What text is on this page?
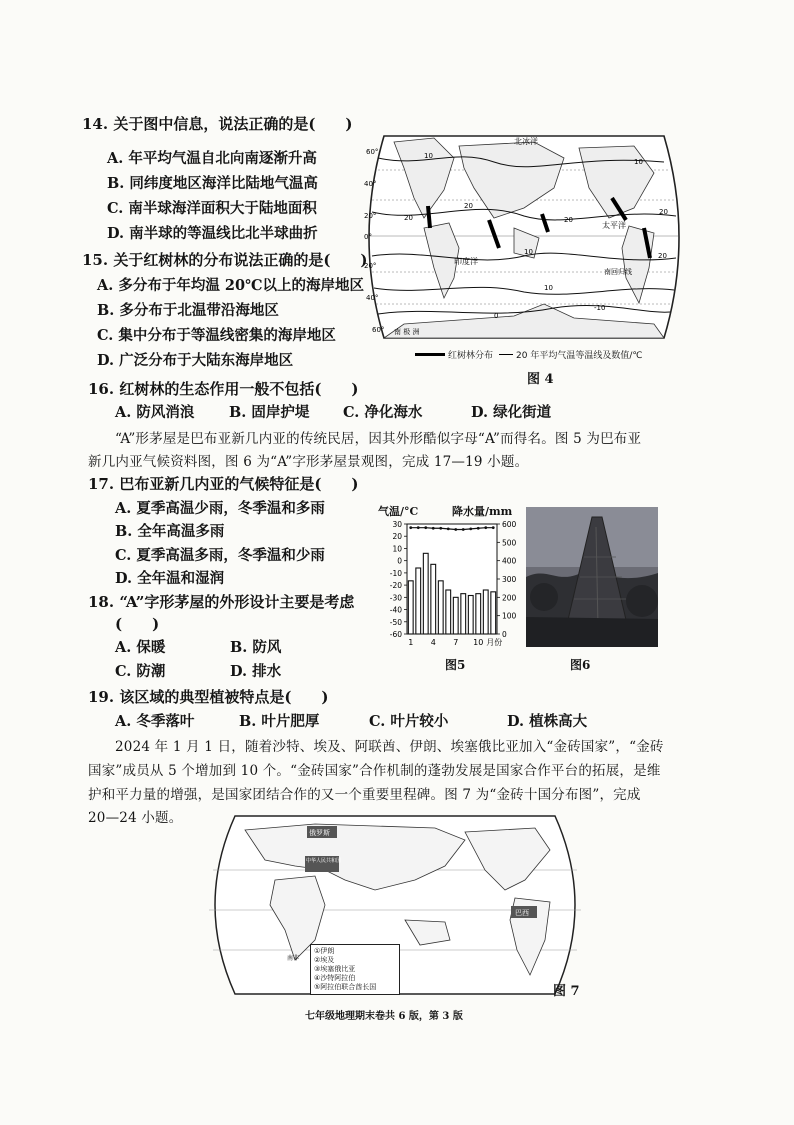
14. 关于图中信息，说法正确的是(　　)
A. 年平均气温自北向南逐渐升高
B. 同纬度地区海洋比陆地气温高
C. 南半球海洋面积大于陆地面积
D. 南半球的等温线比北半球曲折
15. 关于红树林的分布说法正确的是(　　)
A. 多分布于年均温 20℃以上的海岸地区
B. 多分布于北温带沿海地区
C. 集中分布于等温线密集的海岸地区
D. 广泛分布于大陆东海岸地区
北冰洋
太平洋
印度洋
南回归线
南 极 洲
10
20
20
20
10
0
-10
10
20
20
10
60°
40°
20°
0°
20°
40°
60°
红树林分布	20 年平均气温等温线及数值/℃
图 4
16. 红树林的生态作用一般不包括(　　)
A. 防风消浪	B. 固岸护堤	C. 净化海水	D. 绿化街道
“A”形茅屋是巴布亚新几内亚的传统民居，因其外形酷似字母“A”而得名。图 5 为巴布亚
新几内亚气候资料图，图 6 为“A”字形茅屋景观图，完成 17—19 小题。
17. 巴布亚新几内亚的气候特征是(　　)
A. 夏季高温少雨，冬季温和多雨
B. 全年高温多雨
C. 夏季高温多雨，冬季温和少雨
D. 全年温和湿润
18. “A”字形茅屋的外形设计主要是考虑
(　　)
A. 保暖	B. 防风
C. 防潮	D. 排水
气温/°C	降水量/mm
30
20
10
0
-10
-20
-30
-40
-50
-60
600
500
400
300
200
100
0
1 4 7 10 月份
图5	图6
19. 该区域的典型植被特点是(　　)
A. 冬季落叶	B. 叶片肥厚	C. 叶片较小	D. 植株高大
2024 年 1 月 1 日，随着沙特、埃及、阿联酋、伊朗、埃塞俄比亚加入“金砖国家”，“金砖
国家”成员从 5 个增加到 10 个。“金砖国家”合作机制的蓬勃发展是国家合作平台的拓展，是维
护和平力量的增强，是国家团结合作的又一个重要里程碑。图 7 为“金砖十国分布图”，完成
20—24 小题。
俄罗斯
中华人民共和国
巴西
南非
①伊朗
②埃及
③埃塞俄比亚
④沙特阿拉伯
⑤阿拉伯联合酋长国	图 7
七年级地理期末卷共 6 版，第 3 版
